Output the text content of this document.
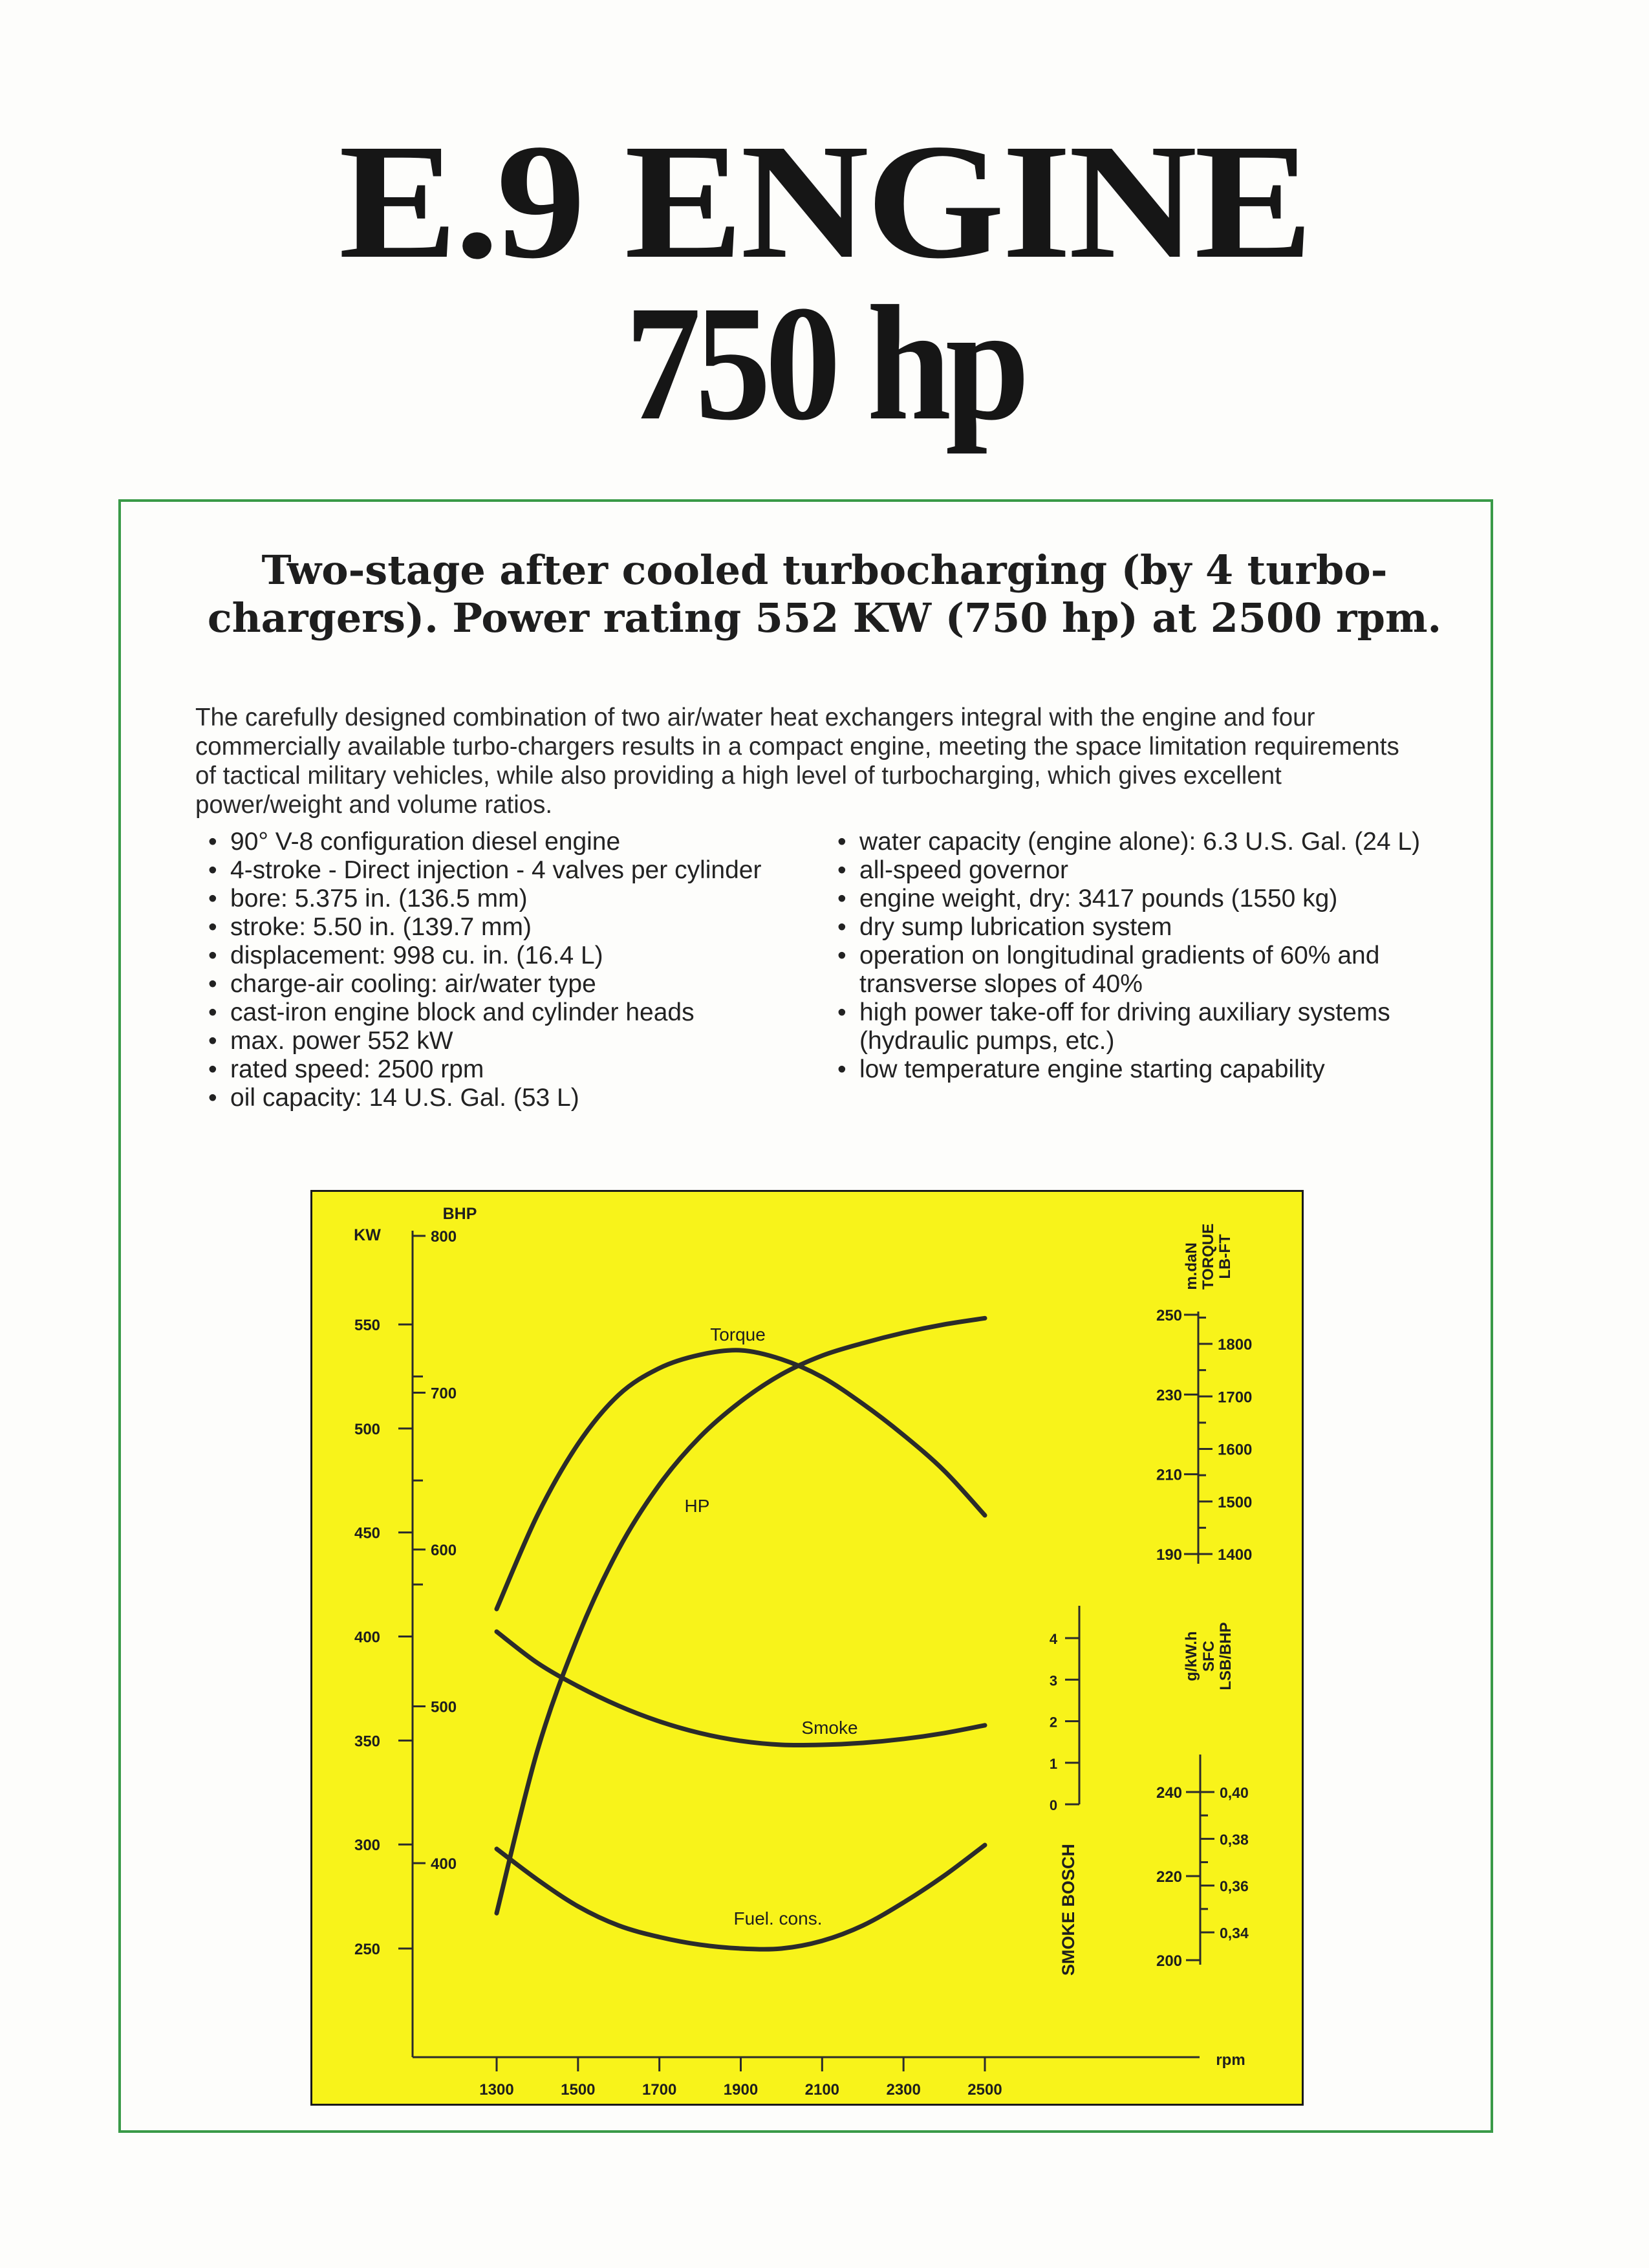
E.9 ENGINE
750 hp
Two-stage after cooled turbocharging (by 4 turbo-
chargers). Power rating 552 KW (750 hp) at 2500 rpm.

The carefully designed combination of two air/water heat exchangers integral with the engine and four commercially available turbo-chargers results in a compact engine, meeting the space limitation requirements of tactical military vehicles, while also providing a high level of turbocharging, which gives excellent power/weight and volume ratios.

• 90° V-8 configuration diesel engine
• 4-stroke - Direct injection - 4 valves per cylinder
• bore: 5.375 in. (136.5 mm)
• stroke: 5.50 in. (139.7 mm)
• displacement: 998 cu. in. (16.4 L)
• charge-air cooling: air/water type
• cast-iron engine block and cylinder heads
• max. power 552 kW
• rated speed: 2500 rpm
• oil capacity: 14 U.S. Gal. (53 L)
• water capacity (engine alone): 6.3 U.S. Gal. (24 L)
• all-speed governor
• engine weight, dry: 3417 pounds (1550 kg)
• dry sump lubrication system
• operation on longitudinal gradients of 60% and transverse slopes of 40%
• high power take-off for driving auxiliary systems (hydraulic pumps, etc.)
• low temperature engine starting capability
1300	1500	1700	1900	2100	2300	2500
rpm
KW
BHP
250
300
350
400
450
500
550
400
500
600
700
800
190
210
230
250
1400
1500
1600
1700
1800
m.daN TORQUE LB-FT
0
1
2
3
4
SMOKE BOSCH	200
220
240
0,34
0,36
0,38
0,40
g/kW.h SFC LSB/BHP
HP
Torque
Smoke
Fuel. cons.
